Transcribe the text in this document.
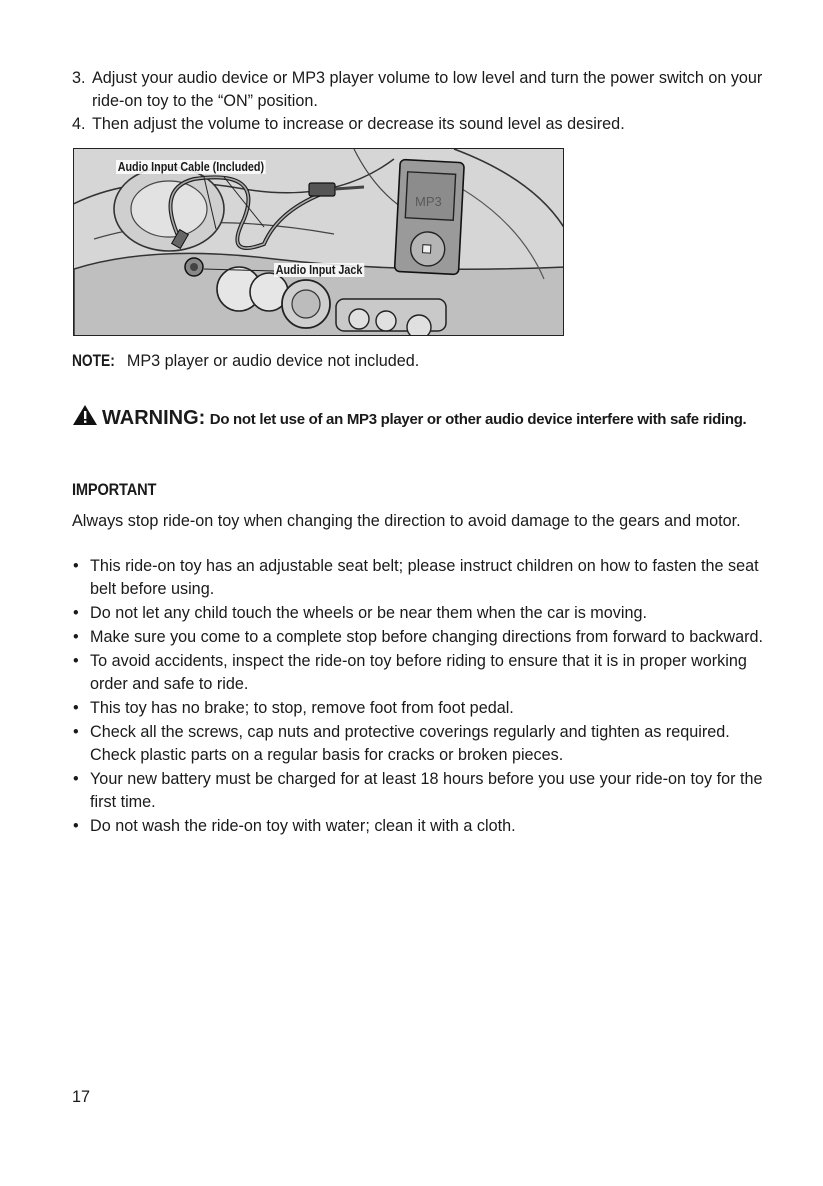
3. Adjust your audio device or MP3 player volume to low level and turn the power switch on your ride-on toy to the “ON” position.
4. Then adjust the volume to increase or decrease its sound level as desired.
Audio Input Cable (Included)
Audio Input Jack
MP3
NOTE: MP3 player or audio device not included.
WARNING: Do not let use of an MP3 player or other audio device interfere with safe riding.
IMPORTANT
Always stop ride-on toy when changing the direction to avoid damage to the gears and motor.
• This ride-on toy has an adjustable seat belt; please instruct children on how to fasten the seat belt before using.
• Do not let any child touch the wheels or be near them when the car is moving.
• Make sure you come to a complete stop before changing directions from forward to backward.
• To avoid accidents, inspect the ride-on toy before riding to ensure that it is in proper working order and safe to ride.
• This toy has no brake; to stop, remove foot from foot pedal.
• Check all the screws, cap nuts and protective coverings regularly and tighten as required. Check plastic parts on a regular basis for cracks or broken pieces.
• Your new battery must be charged for at least 18 hours before you use your ride-on toy for the first time.
• Do not wash the ride-on toy with water; clean it with a cloth.
17
